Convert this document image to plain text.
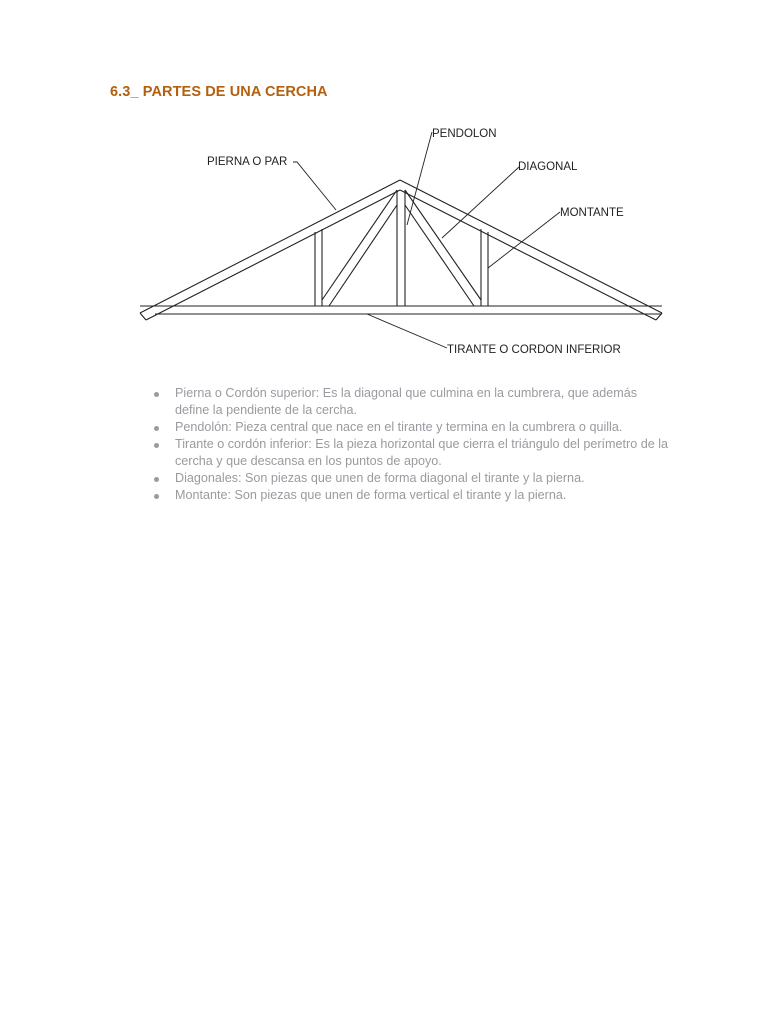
6.3_ PARTES DE UNA CERCHA
PIERNA O PAR
PENDOLON
DIAGONAL
MONTANTE
TIRANTE O CORDON INFERIOR
Pierna o Cordón superior: Es la diagonal que culmina en la cumbrera, que además define la pendiente de la cercha.
Pendolón: Pieza central que nace en el tirante y termina en la cumbrera o quilla.
Tirante o cordón inferior: Es la pieza horizontal que cierra el triángulo del perímetro de la cercha y que descansa en los puntos de apoyo.
Diagonales: Son piezas que unen de forma diagonal el tirante y la pierna.
Montante: Son piezas que unen de forma vertical el tirante y la pierna.
